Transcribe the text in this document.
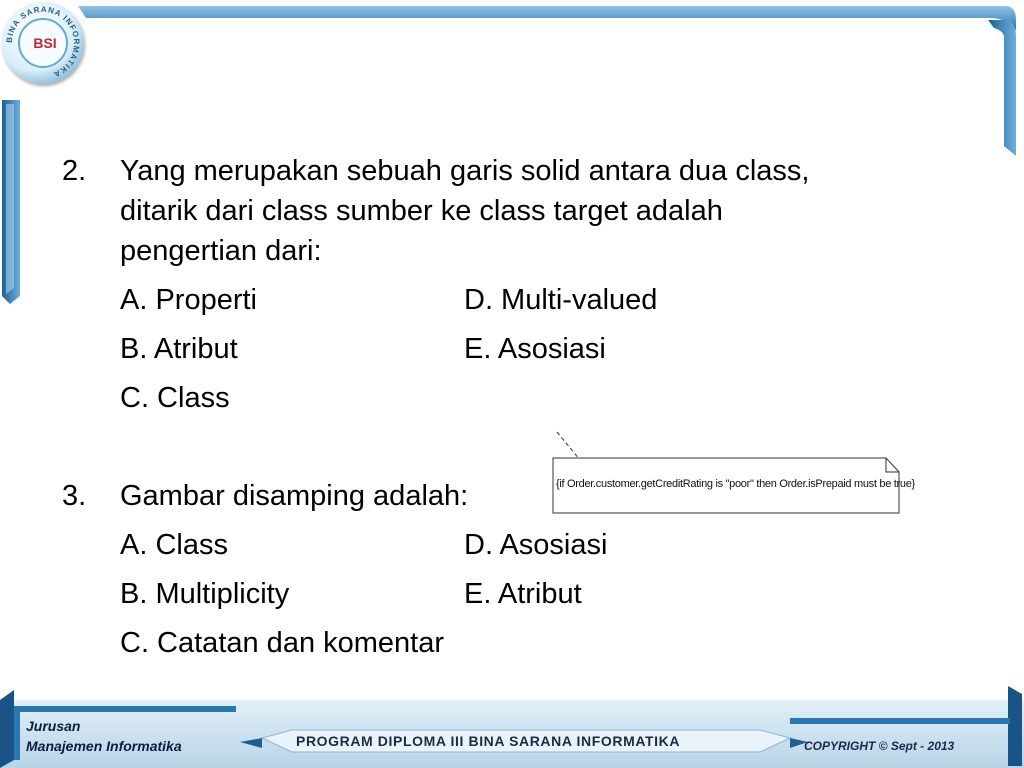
BINA SARANA INFORMATIKA
BSI
2. Yang merupakan sebuah garis solid antara dua class,
ditarik dari class sumber ke class target adalah
pengertian dari:
A. Properti	D. Multi-valued
B. Atribut	E. Asosiasi
C. Class
3. Gambar disamping adalah:
A. Class	D. Asosiasi
B. Multiplicity	E. Atribut
C. Catatan dan komentar
{if Order.customer.getCreditRating is "poor" then Order.isPrepaid must be true}
Jurusan
Manajemen Informatika	PROGRAM DIPLOMA III BINA SARANA INFORMATIKA	COPYRIGHT © Sept - 2013
